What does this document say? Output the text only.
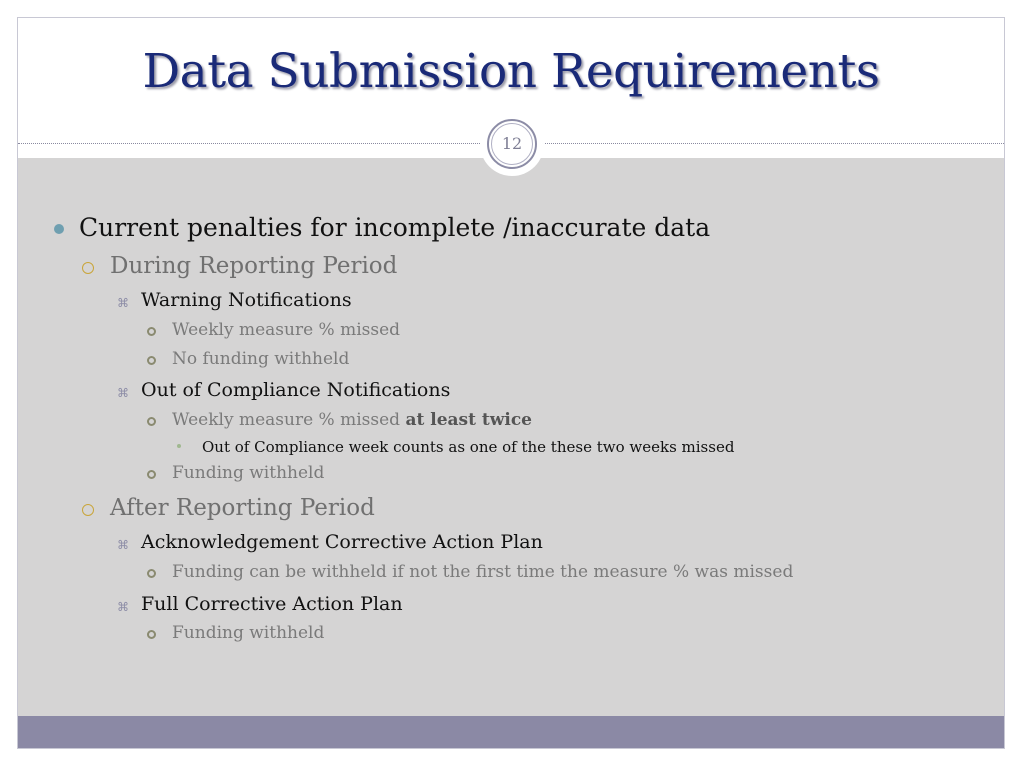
Data Submission Requirements
Current penalties for incomplete /inaccurate data
During Reporting Period
⌘ Warning Notifications
Weekly measure % missed
No funding withheld
⌘ Out of Compliance Notifications
Weekly measure % missed at least twice
Out of Compliance week counts as one of the these two weeks missed
Funding withheld
After Reporting Period
⌘ Acknowledgement Corrective Action Plan
Funding can be withheld if not the first time the measure % was missed
⌘ Full Corrective Action Plan
Funding withheld
12
